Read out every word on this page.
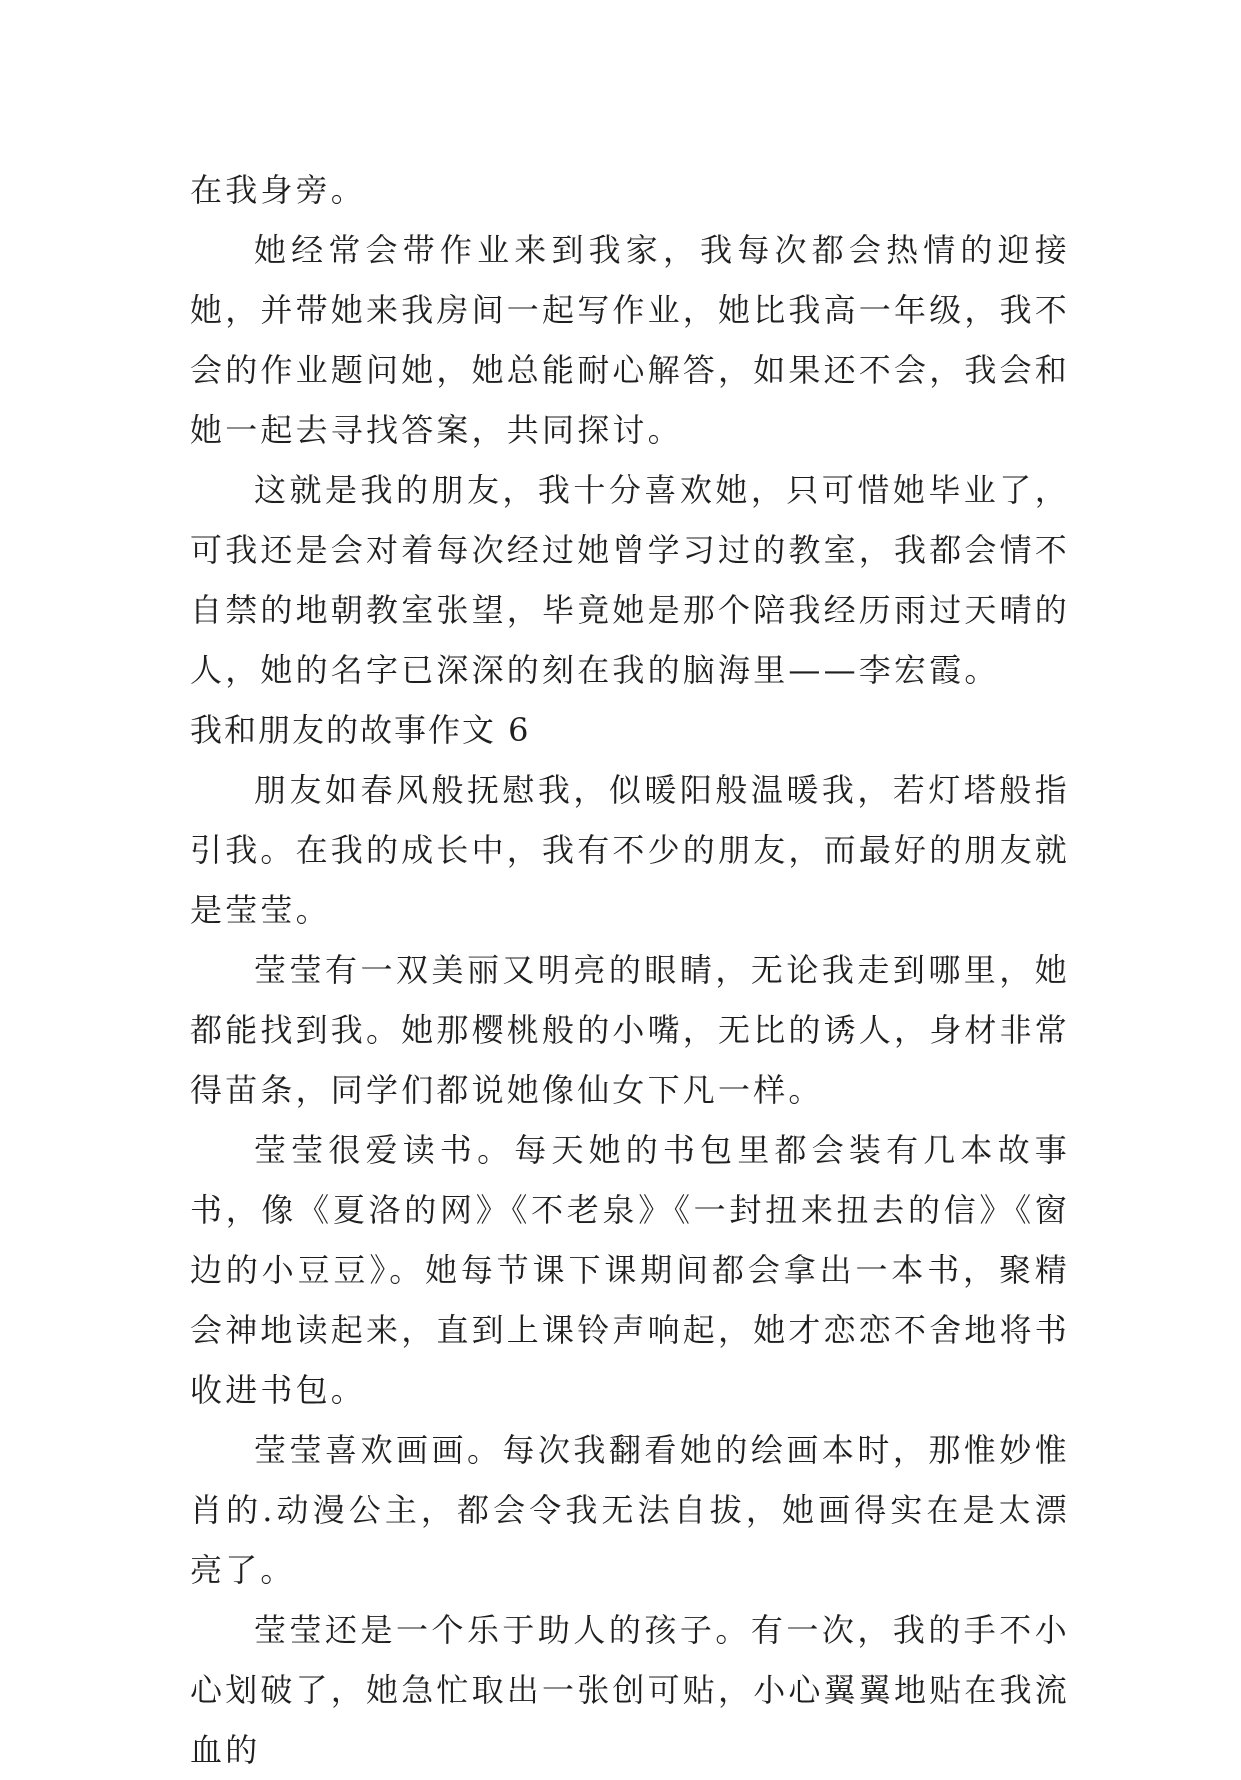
在我身旁。

她经常会带作业来到我家，我每次都会热情的迎接她，并带她来我房间一起写作业，她比我高一年级，我不会的作业题问她，她总能耐心解答，如果还不会，我会和她一起去寻找答案，共同探讨。

这就是我的朋友，我十分喜欢她，只可惜她毕业了，可我还是会对着每次经过她曾学习过的教室，我都会情不自禁的地朝教室张望，毕竟她是那个陪我经历雨过天晴的人，她的名字已深深的刻在我的脑海里——李宏霞。

我和朋友的故事作文 6

朋友如春风般抚慰我，似暖阳般温暖我，若灯塔般指引我。在我的成长中，我有不少的朋友，而最好的朋友就是莹莹。

莹莹有一双美丽又明亮的眼睛，无论我走到哪里，她都能找到我。她那樱桃般的小嘴，无比的诱人，身材非常得苗条，同学们都说她像仙女下凡一样。

莹莹很爱读书。每天她的书包里都会装有几本故事书，像《夏洛的网》《不老泉》《一封扭来扭去的信》《窗边的小豆豆》。她每节课下课期间都会拿出一本书，聚精会神地读起来，直到上课铃声响起，她才恋恋不舍地将书收进书包。

莹莹喜欢画画。每次我翻看她的绘画本时，那惟妙惟肖的.动漫公主，都会令我无法自拔，她画得实在是太漂亮了。

莹莹还是一个乐于助人的孩子。有一次，我的手不小心划破了，她急忙取出一张创可贴，小心翼翼地贴在我流血的
